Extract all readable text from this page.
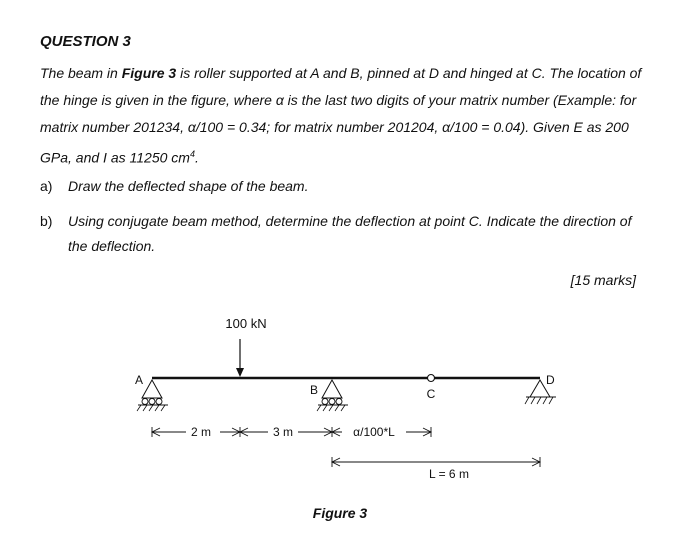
QUESTION 3
The beam in Figure 3 is roller supported at A and B, pinned at D and hinged at C. The location of the hinge is given in the figure, where α is the last two digits of your matrix number (Example: for matrix number 201234, α/100 = 0.34; for matrix number 201204, α/100 = 0.04). Given E as 200 GPa, and I as 11250 $cm^4$.
a) Draw the deflected shape of the beam.
b) Using conjugate beam method, determine the deflection at point C. Indicate the direction of the deflection.
[15 marks]
100 kN
A
B	C
D
2 m	3 m	α/100*L
L = 6 m
Figure 3
